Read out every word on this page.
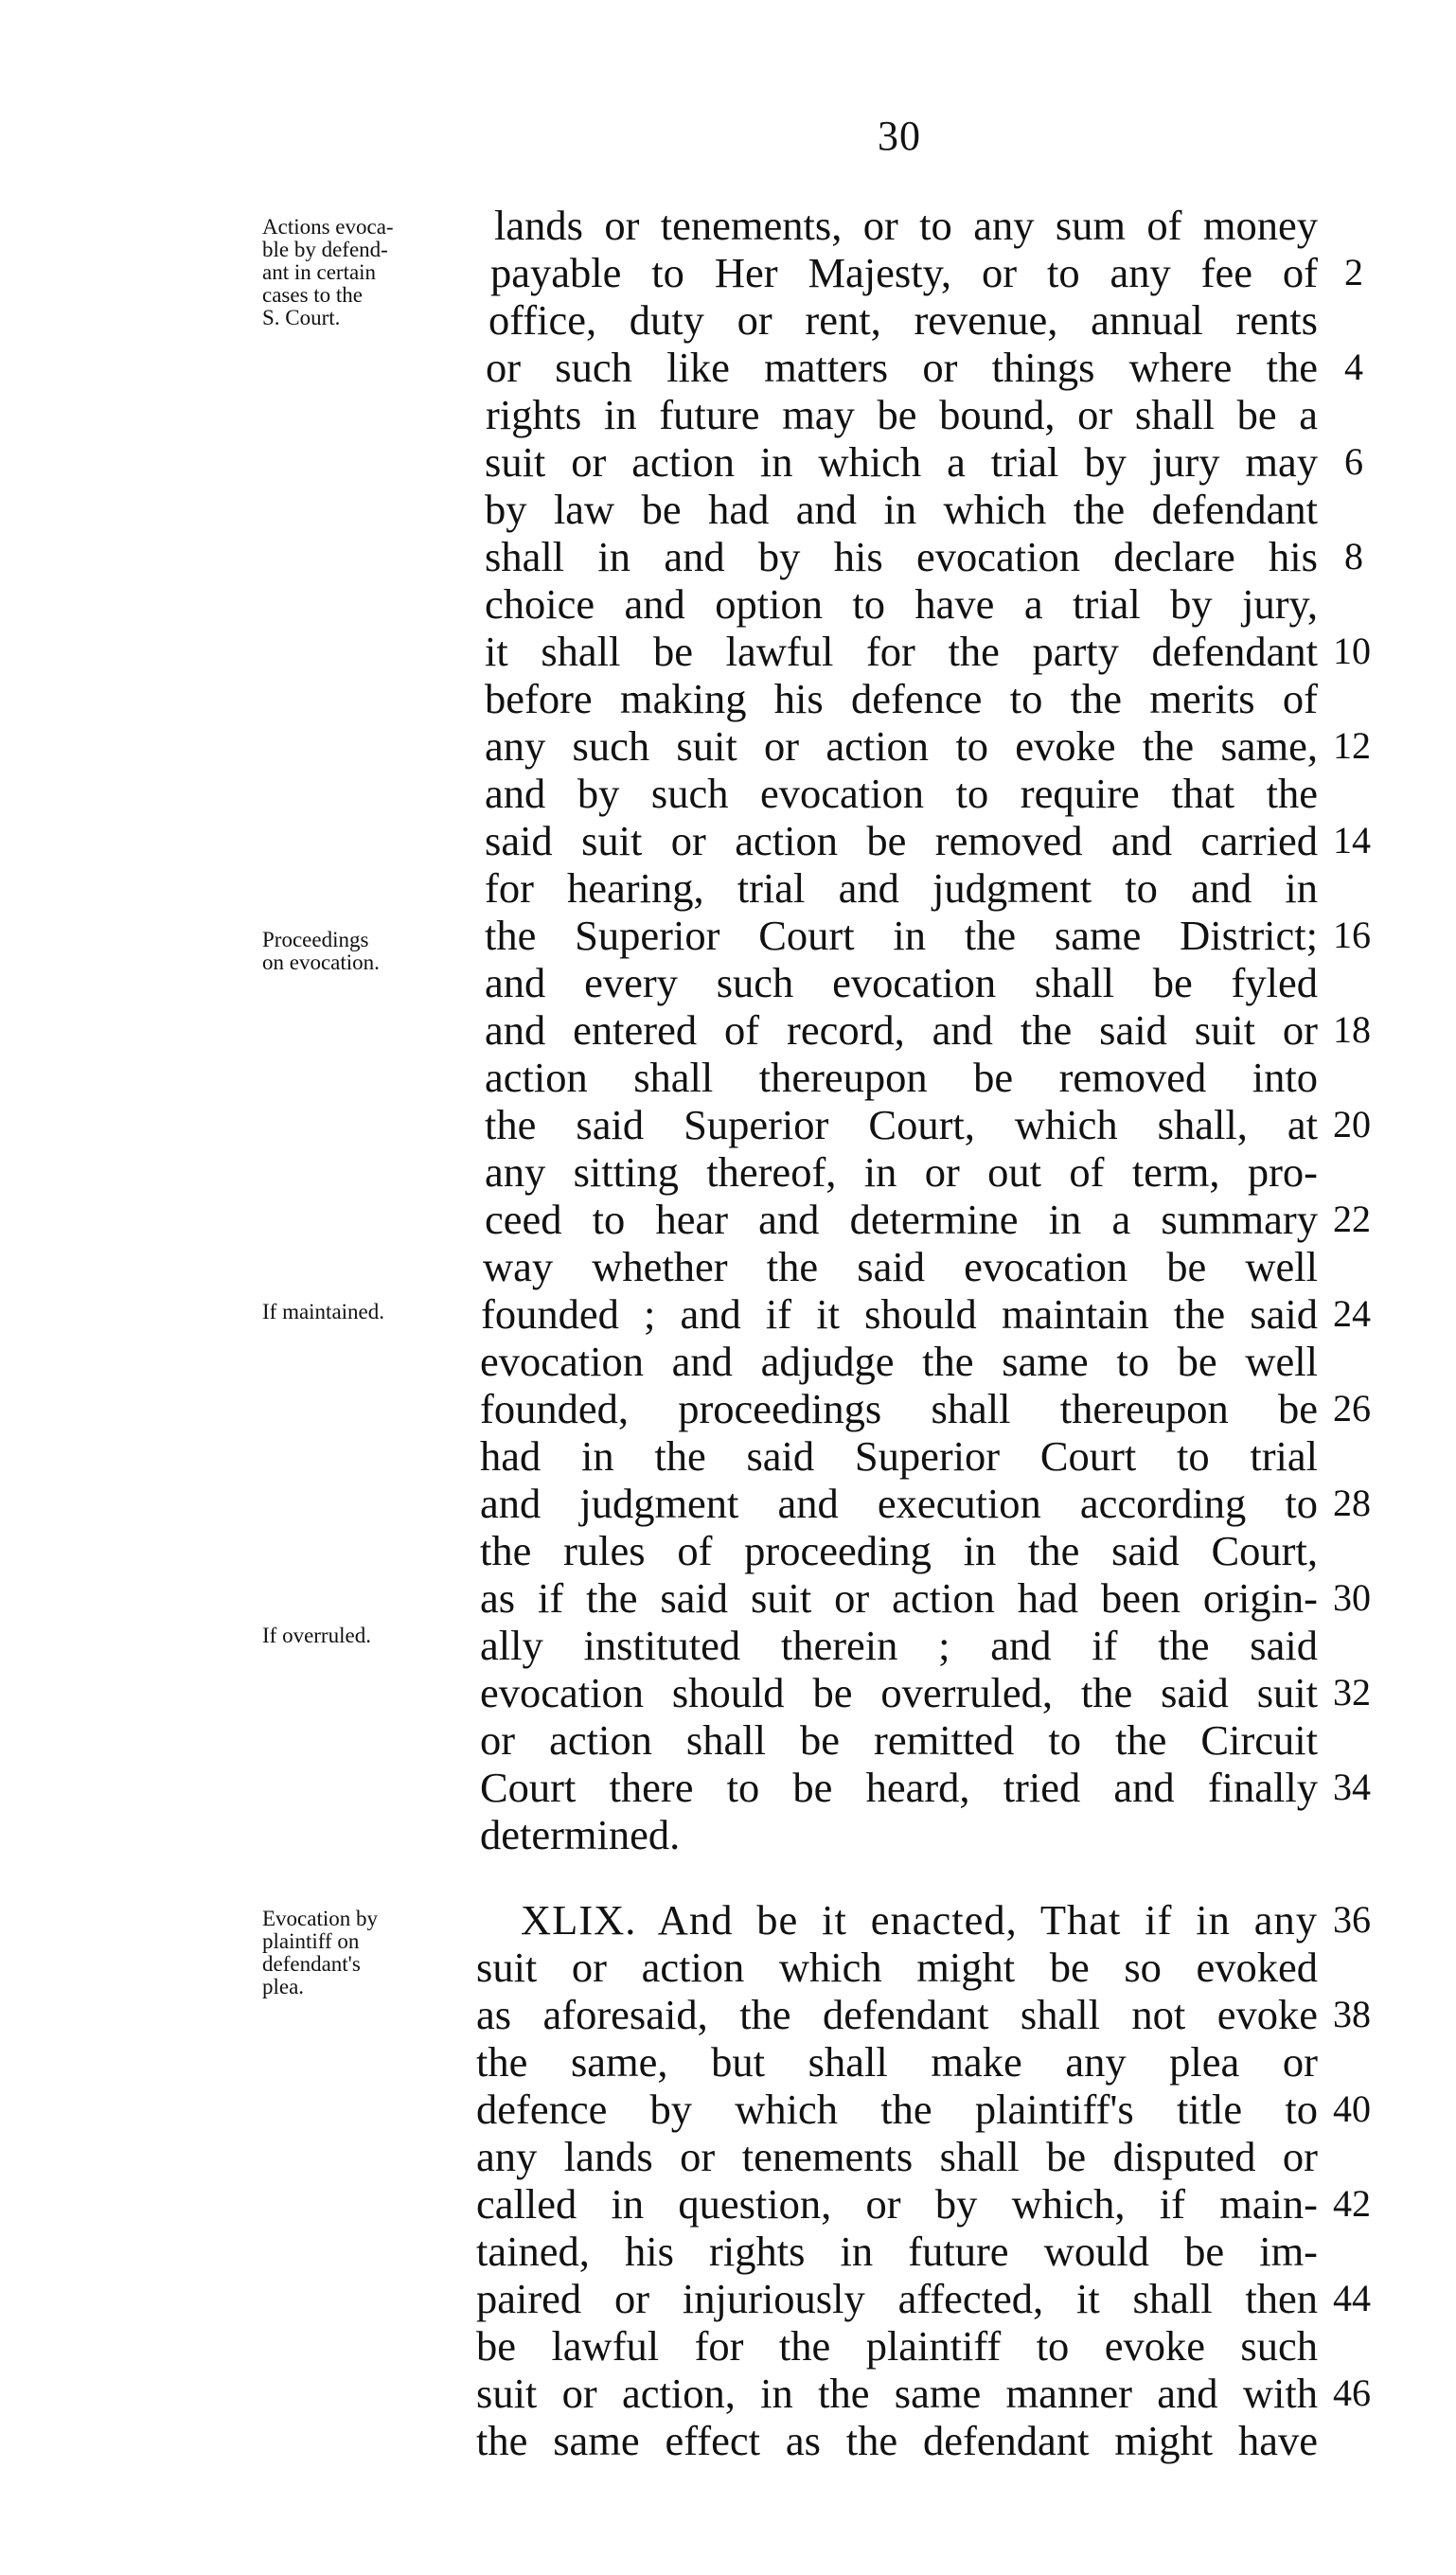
30
Actions evoca-
ble by defend-
ant in certain
cases to the
S. Court.
Proceedings
on evocation.
If maintained.
If overruled.
Evocation by
plaintiff on
defendant's
plea.
lands or tenements, or to any sum of money
payable to Her Majesty, or to any fee of 2
office, duty or rent, revenue, annual rents
or such like matters or things where the 4
rights in future may be bound, or shall be a
suit or action in which a trial by jury may 6
by law be had and in which the defendant
shall in and by his evocation declare his 8
choice and option to have a trial by jury,
it shall be lawful for the party defendant 10
before making his defence to the merits of
any such suit or action to evoke the same, 12
and by such evocation to require that the
said suit or action be removed and carried 14
for hearing, trial and judgment to and in
the Superior Court in the same District; 16
and every such evocation shall be fyled
and entered of record, and the said suit or 18
action shall thereupon be removed into
the said Superior Court, which shall, at 20
any sitting thereof, in or out of term, pro-
ceed to hear and determine in a summary 22
way whether the said evocation be well
founded ; and if it should maintain the said 24
evocation and adjudge the same to be well
founded, proceedings shall thereupon be 26
had in the said Superior Court to trial
and judgment and execution according to 28
the rules of proceeding in the said Court,
as if the said suit or action had been origin- 30
ally instituted therein ; and if the said
evocation should be overruled, the said suit 32
or action shall be remitted to the Circuit
Court there to be heard, tried and finally 34
determined.
XLIX. And be it enacted, That if in any 36
suit or action which might be so evoked
as aforesaid, the defendant shall not evoke 38
the same, but shall make any plea or
defence by which the plaintiff's title to 40
any lands or tenements shall be disputed or
called in question, or by which, if main- 42
tained, his rights in future would be im-
paired or injuriously affected, it shall then 44
be lawful for the plaintiff to evoke such
suit or action, in the same manner and with 46
the same effect as the defendant might have
